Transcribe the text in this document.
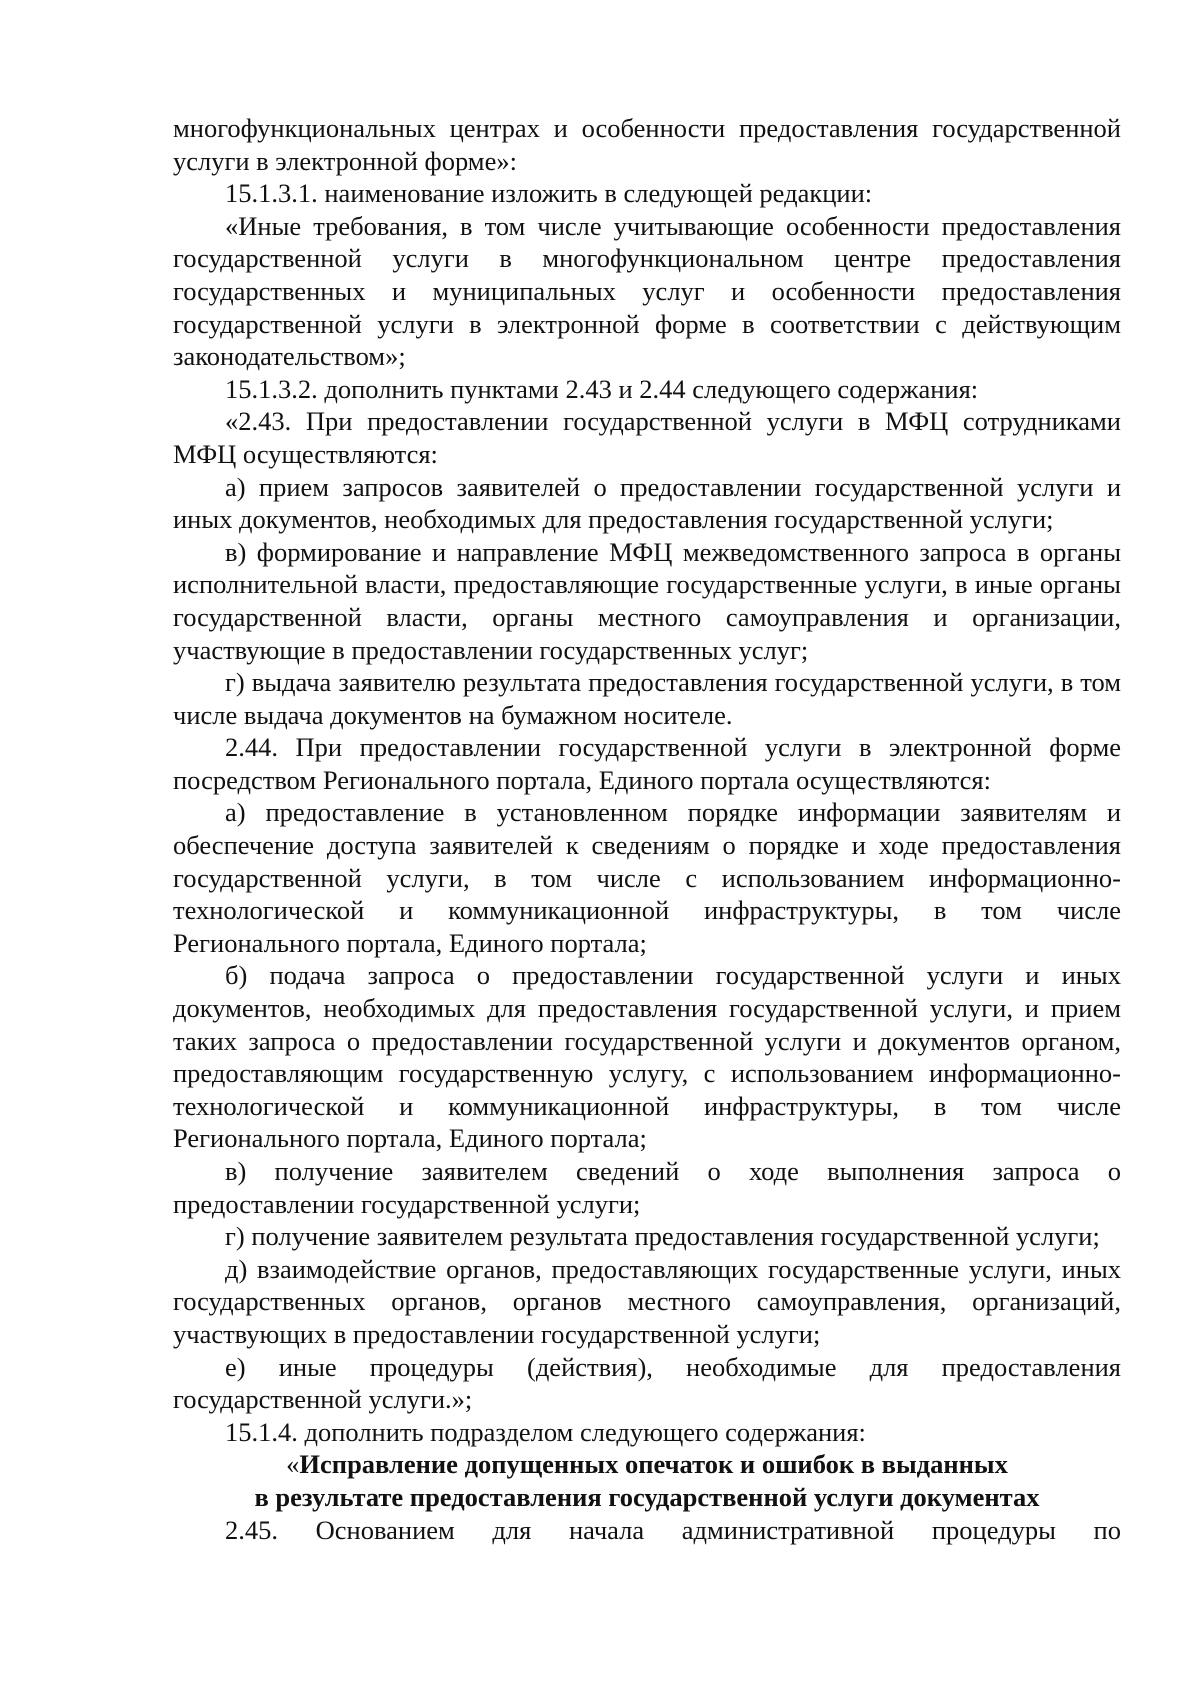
многофункциональных центрах и особенности предоставления государственной услуги в электронной форме»:

15.1.3.1. наименование изложить в следующей редакции:

«Иные требования, в том числе учитывающие особенности предоставления государственной услуги в многофункциональном центре предоставления государственных и муниципальных услуг и особенности предоставления государственной услуги в электронной форме в соответствии с действующим законодательством»;

15.1.3.2. дополнить пунктами 2.43 и 2.44 следующего содержания:

«2.43. При предоставлении государственной услуги в МФЦ сотрудниками МФЦ осуществляются:

а) прием запросов заявителей о предоставлении государственной услуги и иных документов, необходимых для предоставления государственной услуги;

в) формирование и направление МФЦ межведомственного запроса в органы исполнительной власти, предоставляющие государственные услуги, в иные органы государственной власти, органы местного самоуправления и организации, участвующие в предоставлении государственных услуг;

г) выдача заявителю результата предоставления государственной услуги, в том числе выдача документов на бумажном носителе.

2.44. При предоставлении государственной услуги в электронной форме посредством Регионального портала, Единого портала осуществляются:

а) предоставление в установленном порядке информации заявителям и обеспечение доступа заявителей к сведениям о порядке и ходе предоставления государственной услуги, в том числе с использованием информационно-технологической и коммуникационной инфраструктуры, в том числе Регионального портала, Единого портала;

б) подача запроса о предоставлении государственной услуги и иных документов, необходимых для предоставления государственной услуги, и прием таких запроса о предоставлении государственной услуги и документов органом, предоставляющим государственную услугу, с использованием информационно-технологической и коммуникационной инфраструктуры, в том числе Регионального портала, Единого портала;

в) получение заявителем сведений о ходе выполнения запроса о предоставлении государственной услуги;

г) получение заявителем результата предоставления государственной услуги;

д) взаимодействие органов, предоставляющих государственные услуги, иных государственных органов, органов местного самоуправления, организаций, участвующих в предоставлении государственной услуги;

е) иные процедуры (действия), необходимые для предоставления государственной услуги.»;

15.1.4. дополнить подразделом следующего содержания:

«Исправление допущенных опечаток и ошибок в выданных
в результате предоставления государственной услуги документах

2.45. Основанием для начала административной процедуры по
